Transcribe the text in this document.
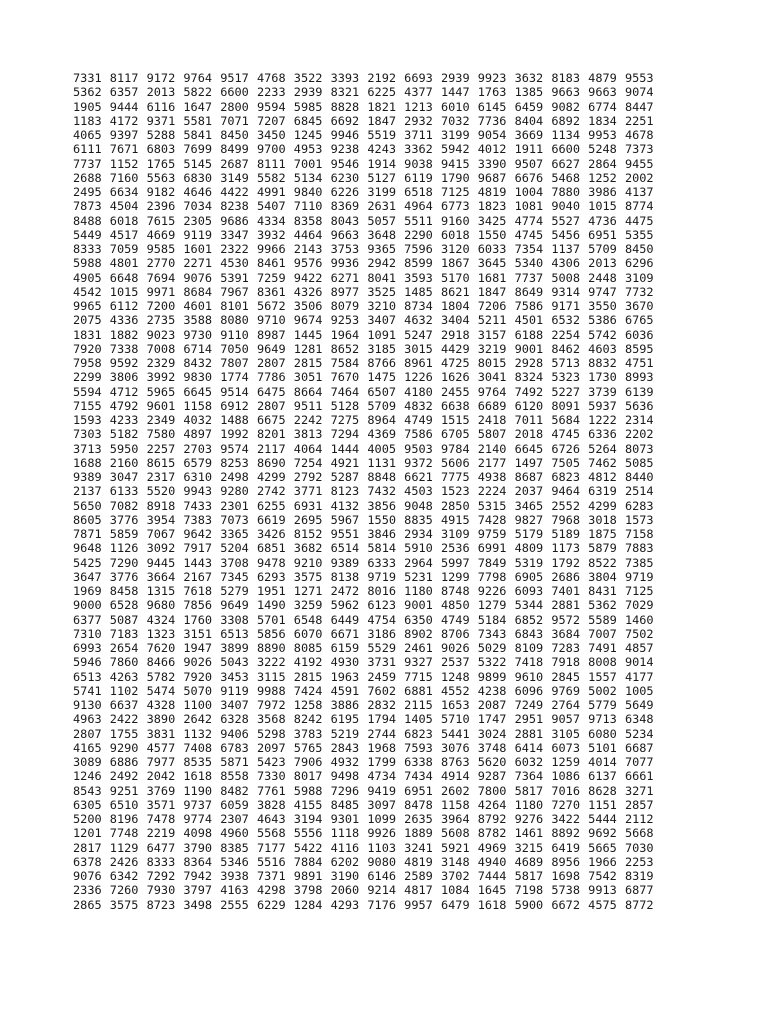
7331 8117 9172 9764 9517 4768 3522 3393 2192 6693 2939 9923 3632 8183 4879 9553
5362 6357 2013 5822 6600 2233 2939 8321 6225 4377 1447 1763 1385 9663 9663 9074
1905 9444 6116 1647 2800 9594 5985 8828 1821 1213 6010 6145 6459 9082 6774 8447
1183 4172 9371 5581 7071 7207 6845 6692 1847 2932 7032 7736 8404 6892 1834 2251
4065 9397 5288 5841 8450 3450 1245 9946 5519 3711 3199 9054 3669 1134 9953 4678
6111 7671 6803 7699 8499 9700 4953 9238 4243 3362 5942 4012 1911 6600 5248 7373
7737 1152 1765 5145 2687 8111 7001 9546 1914 9038 9415 3390 9507 6627 2864 9455
2688 7160 5563 6830 3149 5582 5134 6230 5127 6119 1790 9687 6676 5468 1252 2002
2495 6634 9182 4646 4422 4991 9840 6226 3199 6518 7125 4819 1004 7880 3986 4137
7873 4504 2396 7034 8238 5407 7110 8369 2631 4964 6773 1823 1081 9040 1015 8774
8488 6018 7615 2305 9686 4334 8358 8043 5057 5511 9160 3425 4774 5527 4736 4475
5449 4517 4669 9119 3347 3932 4464 9663 3648 2290 6018 1550 4745 5456 6951 5355
8333 7059 9585 1601 2322 9966 2143 3753 9365 7596 3120 6033 7354 1137 5709 8450
5988 4801 2770 2271 4530 8461 9576 9936 2942 8599 1867 3645 5340 4306 2013 6296
4905 6648 7694 9076 5391 7259 9422 6271 8041 3593 5170 1681 7737 5008 2448 3109
4542 1015 9971 8684 7967 8361 4326 8977 3525 1485 8621 1847 8649 9314 9747 7732
9965 6112 7200 4601 8101 5672 3506 8079 3210 8734 1804 7206 7586 9171 3550 3670
2075 4336 2735 3588 8080 9710 9674 9253 3407 4632 3404 5211 4501 6532 5386 6765
1831 1882 9023 9730 9110 8987 1445 1964 1091 5247 2918 3157 6188 2254 5742 6036
7920 7338 7008 6714 7050 9649 1281 8652 3185 3015 4429 3219 9001 8462 4603 8595
7958 9592 2329 8432 7807 2807 2815 7584 8766 8961 4725 8015 2928 5713 8832 4751
2299 3806 3992 9830 1774 7786 3051 7670 1475 1226 1626 3041 8324 5323 1730 8993
5594 4712 5965 6645 9514 6475 8664 7464 6507 4180 2455 9764 7492 5227 3739 6139
7155 4792 9601 1158 6912 2807 9511 5128 5709 4832 6638 6689 6120 8091 5937 5636
1593 4233 2349 4032 1488 6675 2242 7275 8964 4749 1515 2418 7011 5684 1222 2314
7303 5182 7580 4897 1992 8201 3813 7294 4369 7586 6705 5807 2018 4745 6336 2202
3713 5950 2257 2703 9574 2117 4064 1444 4005 9503 9784 2140 6645 6726 5264 8073
1688 2160 8615 6579 8253 8690 7254 4921 1131 9372 5606 2177 1497 7505 7462 5085
9389 3047 2317 6310 2498 4299 2792 5287 8848 6621 7775 4938 8687 6823 4812 8440
2137 6133 5520 9943 9280 2742 3771 8123 7432 4503 1523 2224 2037 9464 6319 2514
5650 7082 8918 7433 2301 6255 6931 4132 3856 9048 2850 5315 3465 2552 4299 6283
8605 3776 3954 7383 7073 6619 2695 5967 1550 8835 4915 7428 9827 7968 3018 1573
7871 5859 7067 9642 3365 3426 8152 9551 3846 2934 3109 9759 5179 5189 1875 7158
9648 1126 3092 7917 5204 6851 3682 6514 5814 5910 2536 6991 4809 1173 5879 7883
5425 7290 9445 1443 3708 9478 9210 9389 6333 2964 5997 7849 5319 1792 8522 7385
3647 3776 3664 2167 7345 6293 3575 8138 9719 5231 1299 7798 6905 2686 3804 9719
1969 8458 1315 7618 5279 1951 1271 2472 8016 1180 8748 9226 6093 7401 8431 7125
9000 6528 9680 7856 9649 1490 3259 5962 6123 9001 4850 1279 5344 2881 5362 7029
6377 5087 4324 1760 3308 5701 6548 6449 4754 6350 4749 5184 6852 9572 5589 1460
7310 7183 1323 3151 6513 5856 6070 6671 3186 8902 8706 7343 6843 3684 7007 7502
6993 2654 7620 1947 3899 8890 8085 6159 5529 2461 9026 5029 8109 7283 7491 4857
5946 7860 8466 9026 5043 3222 4192 4930 3731 9327 2537 5322 7418 7918 8008 9014
6513 4263 5782 7920 3453 3115 2815 1963 2459 7715 1248 9899 9610 2845 1557 4177
5741 1102 5474 5070 9119 9988 7424 4591 7602 6881 4552 4238 6096 9769 5002 1005
9130 6637 4328 1100 3407 7972 1258 3886 2832 2115 1653 2087 7249 2764 5779 5649
4963 2422 3890 2642 6328 3568 8242 6195 1794 1405 5710 1747 2951 9057 9713 6348
2807 1755 3831 1132 9406 5298 3783 5219 2744 6823 5441 3024 2881 3105 6080 5234
4165 9290 4577 7408 6783 2097 5765 2843 1968 7593 3076 3748 6414 6073 5101 6687
3089 6886 7977 8535 5871 5423 7906 4932 1799 6338 8763 5620 6032 1259 4014 7077
1246 2492 2042 1618 8558 7330 8017 9498 4734 7434 4914 9287 7364 1086 6137 6661
8543 9251 3769 1190 8482 7761 5988 7296 9419 6951 2602 7800 5817 7016 8628 3271
6305 6510 3571 9737 6059 3828 4155 8485 3097 8478 1158 4264 1180 7270 1151 2857
5200 8196 7478 9774 2307 4643 3194 9301 1099 2635 3964 8792 9276 3422 5444 2112
1201 7748 2219 4098 4960 5568 5556 1118 9926 1889 5608 8782 1461 8892 9692 5668
2817 1129 6477 3790 8385 7177 5422 4116 1103 3241 5921 4969 3215 6419 5665 7030
6378 2426 8333 8364 5346 5516 7884 6202 9080 4819 3148 4940 4689 8956 1966 2253
9076 6342 7292 7942 3938 7371 9891 3190 6146 2589 3702 7444 5817 1698 7542 8319
2336 7260 7930 3797 4163 4298 3798 2060 9214 4817 1084 1645 7198 5738 9913 6877
2865 3575 8723 3498 2555 6229 1284 4293 7176 9957 6479 1618 5900 6672 4575 8772
